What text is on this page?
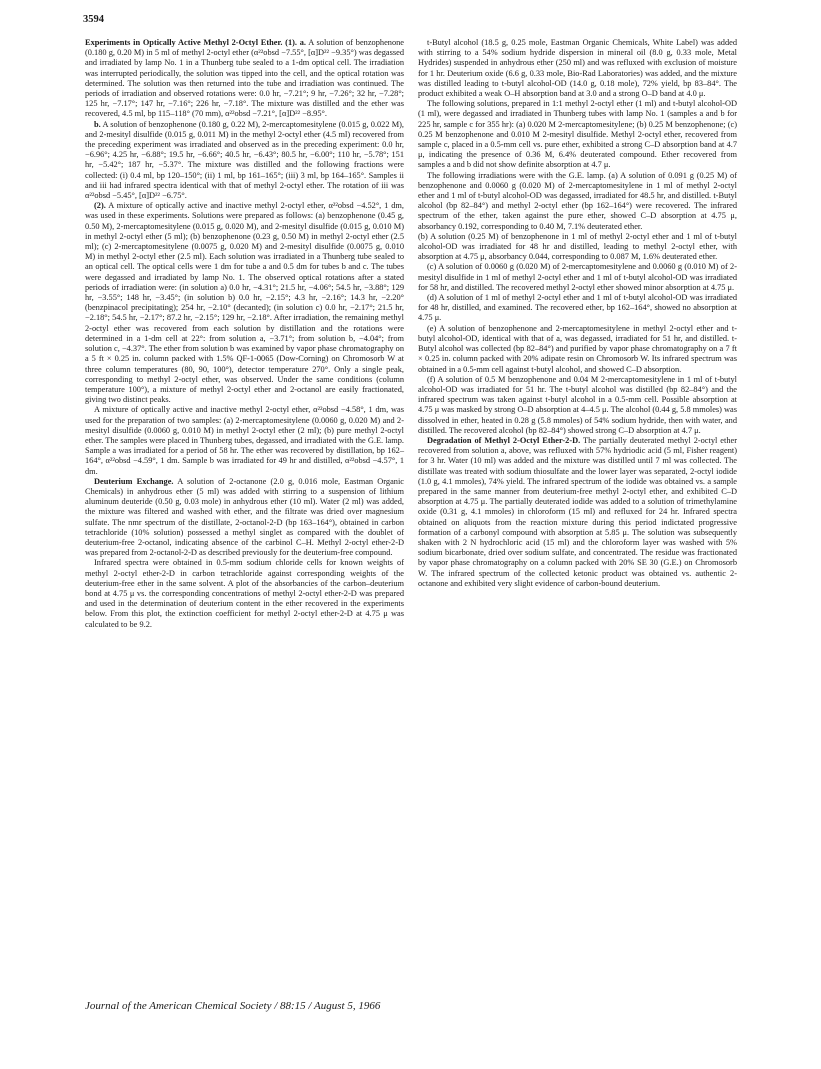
3594

Experiments in Optically Active Methyl 2-Octyl Ether. (1). a. A solution of benzophenone (0.180 g, 0.20 M) in 5 ml of methyl 2-octyl ether (α²²obsd −7.55°, [α]D²² −9.35°) was degassed and irradiated by lamp No. 1 in a Thunberg tube sealed to a 1-dm optical cell. The irradiation was interrupted periodically, the solution was tipped into the cell, and the optical rotation was determined. The solution was then returned into the tube and irradiation was continued. The periods of irradiation and observed rotations were: 0.0 hr, −7.21°; 9 hr, −7.26°; 32 hr, −7.28°; 125 hr, −7.17°; 147 hr, −7.16°; 226 hr, −7.18°. The mixture was distilled and the ether was recovered, 4.5 ml, bp 115–118° (70 mm), α²²obsd −7.21°, [α]D²² −8.95°.

b. A solution of benzophenone (0.180 g, 0.22 M), 2-mercaptomesitylene (0.015 g, 0.022 M), and 2-mesityl disulfide (0.015 g, 0.011 M) in the methyl 2-octyl ether (4.5 ml) recovered from the preceding experiment was irradiated and observed as in the preceding experiment: 0.0 hr, −6.96°; 4.25 hr, −6.88°; 19.5 hr, −6.66°; 40.5 hr, −6.43°; 80.5 hr, −6.00°; 110 hr, −5.78°; 151 hr, −5.42°; 187 hr, −5.37°. The mixture was distilled and the following fractions were collected: (i) 0.4 ml, bp 120–150°; (ii) 1 ml, bp 161–165°; (iii) 3 ml, bp 164–165°. Samples ii and iii had infrared spectra identical with that of methyl 2-octyl ether. The rotation of iii was α²²obsd −5.45°, [α]D²² −6.75°.

(2). A mixture of optically active and inactive methyl 2-octyl ether, α²²obsd −4.52°, 1 dm, was used in these experiments. Solutions were prepared as follows: (a) benzophenone (0.45 g, 0.50 M), 2-mercaptomesitylene (0.015 g, 0.020 M), and 2-mesityl disulfide (0.015 g, 0.010 M) in methyl 2-octyl ether (5 ml); (b) benzophenone (0.23 g, 0.50 M) in methyl 2-octyl ether (2.5 ml); (c) 2-mercaptomesitylene (0.0075 g, 0.020 M) and 2-mesityl disulfide (0.0075 g, 0.010 M) in methyl 2-octyl ether (2.5 ml). Each solution was irradiated in a Thunberg tube sealed to an optical cell. The optical cells were 1 dm for tube a and 0.5 dm for tubes b and c. The tubes were degassed and irradiated by lamp No. 1. The observed optical rotations after a stated periods of irradiation were: (in solution a) 0.0 hr, −4.31°; 21.5 hr, −4.06°; 54.5 hr, −3.88°; 129 hr, −3.55°; 148 hr, −3.45°; (in solution b) 0.0 hr, −2.15°; 4.3 hr, −2.16°; 14.3 hr, −2.20° (benzpinacol precipitating); 254 hr, −2.10° (decanted); (in solution c) 0.0 hr, −2.17°; 21.5 hr, −2.18°; 54.5 hr, −2.17°; 87.2 hr, −2.15°; 129 hr, −2.18°. After irradiation, the remaining methyl 2-octyl ether was recovered from each solution by distillation and the rotations were determined in a 1-dm cell at 22°: from solution a, −3.71°; from solution b, −4.04°; from solution c, −4.37°. The ether from solution b was examined by vapor phase chromatography on a 5 ft × 0.25 in. column packed with 1.5% QF-1-0065 (Dow-Corning) on Chromosorb W at three column temperatures (80, 90, 100°), detector temperature 270°. Only a single peak, corresponding to methyl 2-octyl ether, was observed. Under the same conditions (column temperature 100°), a mixture of methyl 2-octyl ether and 2-octanol are easily fractionated, giving two distinct peaks.

A mixture of optically active and inactive methyl 2-octyl ether, α²²obsd −4.58°, 1 dm, was used for the preparation of two samples: (a) 2-mercaptomesitylene (0.0060 g, 0.020 M) and 2-mesityl disulfide (0.0060 g, 0.010 M) in methyl 2-octyl ether (2 ml); (b) pure methyl 2-octyl ether. The samples were placed in Thunberg tubes, degassed, and irradiated with the G.E. lamp. Sample a was irradiated for a period of 58 hr. The ether was recovered by distillation, bp 162–164°, α²²obsd −4.59°, 1 dm. Sample b was irradiated for 49 hr and distilled, α²²obsd −4.57°, 1 dm.

Deuterium Exchange. A solution of 2-octanone (2.0 g, 0.016 mole, Eastman Organic Chemicals) in anhydrous ether (5 ml) was added with stirring to a suspension of lithium aluminum deuteride (0.50 g, 0.03 mole) in anhydrous ether (10 ml). Water (2 ml) was added, the mixture was filtered and washed with ether, and the filtrate was dried over magnesium sulfate. The nmr spectrum of the distillate, 2-octanol-2-D (bp 163–164°), obtained in carbon tetrachloride (10% solution) possessed a methyl singlet as compared with the doublet of deuterium-free 2-octanol, indicating absence of the carbinol C–H. Methyl 2-octyl ether-2-D was prepared from 2-octanol-2-D as described previously for the deuterium-free compound.

Infrared spectra were obtained in 0.5-mm sodium chloride cells for known weights of methyl 2-octyl ether-2-D in carbon tetrachloride against corresponding weights of the deuterium-free ether in the same solvent. A plot of the absorbancies of the carbon–deuterium bond at 4.75 μ vs. the corresponding concentrations of methyl 2-octyl ether-2-D was prepared and used in the determination of deuterium content in the ether recovered in the experiments below. From this plot, the extinction coefficient for methyl 2-octyl ether-2-D at 4.75 μ was calculated to be 9.2.

t-Butyl alcohol (18.5 g, 0.25 mole, Eastman Organic Chemicals, White Label) was added with stirring to a 54% sodium hydride dispersion in mineral oil (8.0 g, 0.33 mole, Metal Hydrides) suspended in anhydrous ether (250 ml) and was refluxed with exclusion of moisture for 1 hr. Deuterium oxide (6.6 g, 0.33 mole, Bio-Rad Laboratories) was added, and the mixture was distilled leading to t-butyl alcohol-OD (14.0 g, 0.18 mole), 72% yield, bp 83–84°. The product exhibited a weak O–H absorption band at 3.0 and a strong O–D band at 4.0 μ.

The following solutions, prepared in 1:1 methyl 2-octyl ether (1 ml) and t-butyl alcohol-OD (1 ml), were degassed and irradiated in Thunberg tubes with lamp No. 1 (samples a and b for 225 hr, sample c for 355 hr): (a) 0.020 M 2-mercaptomesitylene; (b) 0.25 M benzophenone; (c) 0.25 M benzophenone and 0.010 M 2-mesityl disulfide. Methyl 2-octyl ether, recovered from sample c, placed in a 0.5-mm cell vs. pure ether, exhibited a strong C–D absorption band at 4.7 μ, indicating the presence of 0.36 M, 6.4% deuterated compound. Ether recovered from samples a and b did not show definite absorption at 4.7 μ.

The following irradiations were with the G.E. lamp. (a) A solution of 0.091 g (0.25 M) of benzophenone and 0.0060 g (0.020 M) of 2-mercaptomesitylene in 1 ml of methyl 2-octyl ether and 1 ml of t-butyl alcohol-OD was degassed, irradiated for 48.5 hr, and distilled. t-Butyl alcohol (bp 82–84°) and methyl 2-octyl ether (bp 162–164°) were recovered. The infrared spectrum of the ether, taken against the pure ether, showed C–D absorption at 4.75 μ, absorbancy 0.192, corresponding to 0.40 M, 7.1% deuterated ether.

(b) A solution (0.25 M) of benzophenone in 1 ml of methyl 2-octyl ether and 1 ml of t-butyl alcohol-OD was irradiated for 48 hr and distilled, leading to methyl 2-octyl ether, with absorption at 4.75 μ, absorbancy 0.044, corresponding to 0.087 M, 1.6% deuterated ether.

(c) A solution of 0.0060 g (0.020 M) of 2-mercaptomesitylene and 0.0060 g (0.010 M) of 2-mesityl disulfide in 1 ml of methyl 2-octyl ether and 1 ml of t-butyl alcohol-OD was irradiated for 58 hr, and distilled. The recovered methyl 2-octyl ether showed minor absorption at 4.75 μ.

(d) A solution of 1 ml of methyl 2-octyl ether and 1 ml of t-butyl alcohol-OD was irradiated for 48 hr, distilled, and examined. The recovered ether, bp 162–164°, showed no absorption at 4.75 μ.

(e) A solution of benzophenone and 2-mercaptomesitylene in methyl 2-octyl ether and t-butyl alcohol-OD, identical with that of a, was degassed, irradiated for 51 hr, and distilled. t-Butyl alcohol was collected (bp 82–84°) and purified by vapor phase chromatography on a 7 ft × 0.25 in. column packed with 20% adipate resin on Chromosorb W. Its infrared spectrum was obtained in a 0.5-mm cell against t-butyl alcohol, and showed C–D absorption.

(f) A solution of 0.5 M benzophenone and 0.04 M 2-mercaptomesitylene in 1 ml of t-butyl alcohol-OD was irradiated for 51 hr. The t-butyl alcohol was distilled (bp 82–84°) and the infrared spectrum was taken against t-butyl alcohol in a 0.5-mm cell. Possible absorption at 4.75 μ was masked by strong O–D absorption at 4–4.5 μ. The alcohol (0.44 g, 5.8 mmoles) was dissolved in ether, heated in 0.28 g (5.8 mmoles) of 54% sodium hydride, then with water, and distilled. The recovered alcohol (bp 82–84°) showed strong C–D absorption at 4.7 μ.

Degradation of Methyl 2-Octyl Ether-2-D. The partially deuterated methyl 2-octyl ether recovered from solution a, above, was refluxed with 57% hydriodic acid (5 ml, Fisher reagent) for 3 hr. Water (10 ml) was added and the mixture was distilled until 7 ml was collected. The distillate was treated with sodium thiosulfate and the lower layer was separated, 2-octyl iodide (1.0 g, 4.1 mmoles), 74% yield. The infrared spectrum of the iodide was obtained vs. a sample prepared in the same manner from deuterium-free methyl 2-octyl ether, and exhibited C–D absorption at 4.75 μ. The partially deuterated iodide was added to a solution of trimethylamine oxide (0.31 g, 4.1 mmoles) in chloroform (15 ml) and refluxed for 24 hr. Infrared spectra obtained on aliquots from the reaction mixture during this period indictated progressive formation of a carbonyl compound with absorption at 5.85 μ. The solution was subsequently shaken with 2 N hydrochloric acid (15 ml) and the chloroform layer was washed with 5% sodium bicarbonate, dried over sodium sulfate, and concentrated. The residue was fractionated by vapor phase chromatography on a column packed with 20% SE 30 (G.E.) on Chromosorb W. The infrared spectrum of the collected ketonic product was obtained vs. authentic 2-octanone and exhibited very slight evidence of carbon-bound deuterium.

Journal of the American Chemical Society / 88:15 / August 5, 1966
